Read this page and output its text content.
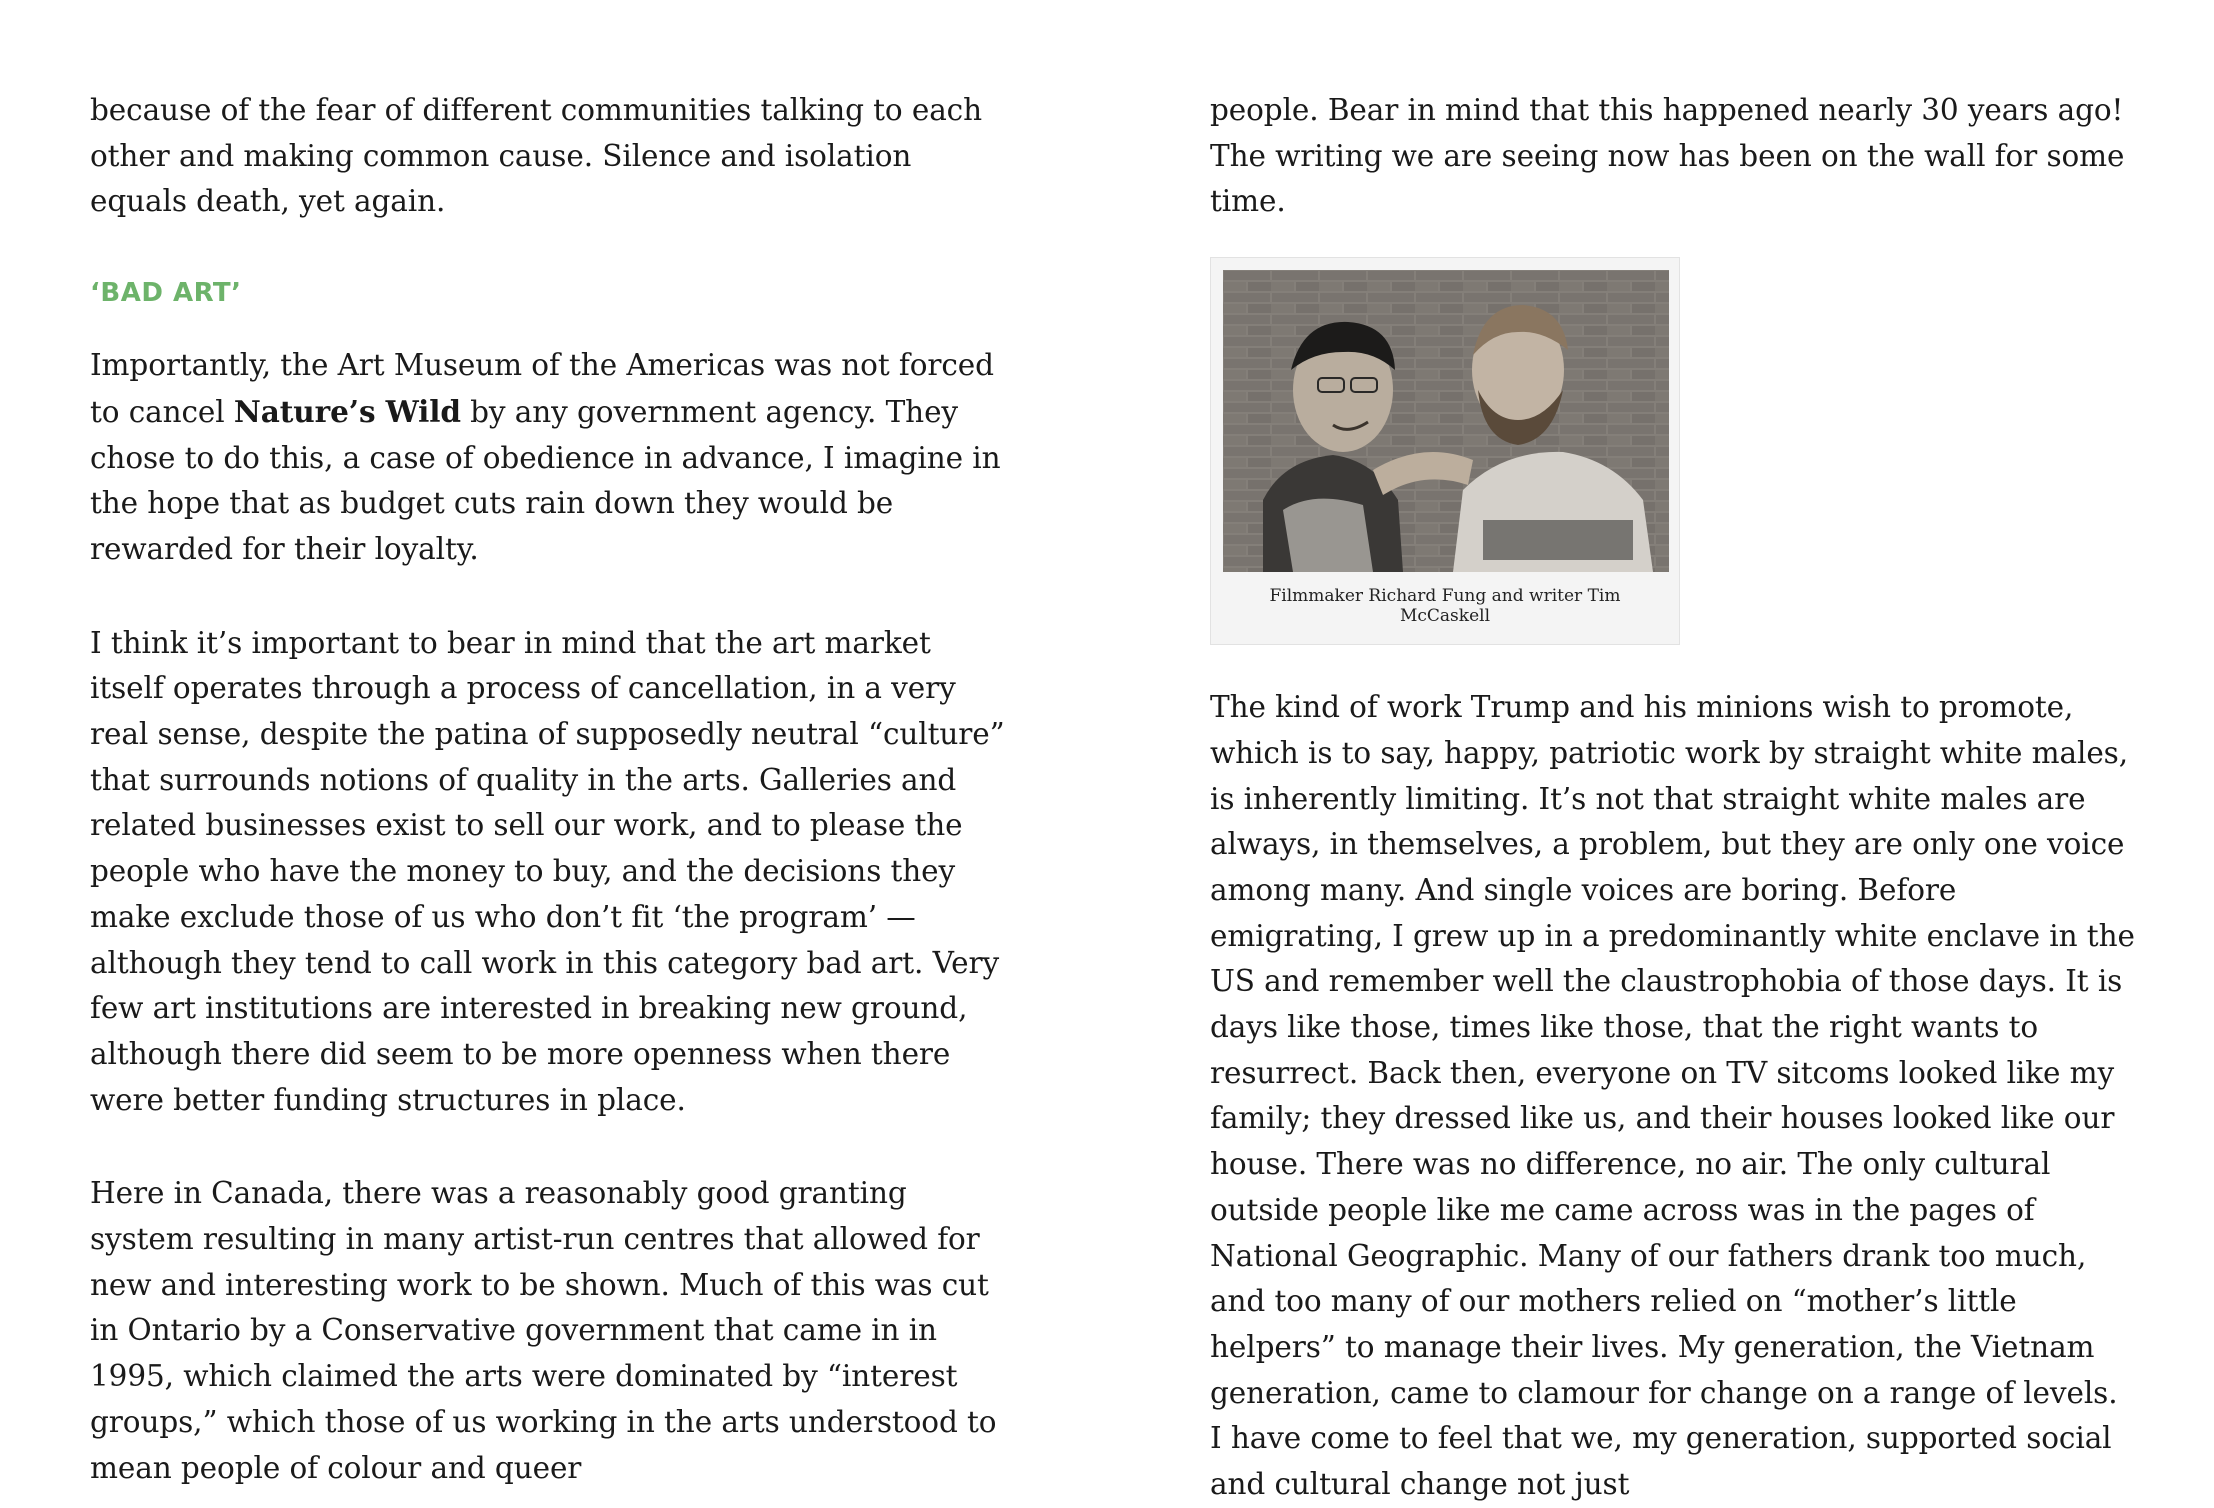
because of the fear of different communities talking to each other and making common cause. Silence and isolation equals death, yet again.

‘BAD ART’

Importantly, the Art Museum of the Americas was not forced to cancel Nature’s Wild by any government agency. They chose to do this, a case of obedience in advance, I imagine in the hope that as budget cuts rain down they would be rewarded for their loyalty.

I think it’s important to bear in mind that the art market itself operates through a process of cancellation, in a very real sense, despite the patina of supposedly neutral “culture” that surrounds notions of quality in the arts. Galleries and related businesses exist to sell our work, and to please the people who have the money to buy, and the decisions they make exclude those of us who don’t fit ‘the program’ — although they tend to call work in this category bad art. Very few art institutions are interested in breaking new ground, although there did seem to be more openness when there were better funding structures in place.

Here in Canada, there was a reasonably good granting system resulting in many artist-run centres that allowed for new and interesting work to be shown. Much of this was cut in Ontario by a Conservative government that came in in 1995, which claimed the arts were dominated by “interest groups,” which those of us working in the arts understood to mean people of colour and queer

people. Bear in mind that this happened nearly 30 years ago! The writing we are seeing now has been on the wall for some time.

Filmmaker Richard Fung and writer Tim McCaskell

The kind of work Trump and his minions wish to promote, which is to say, happy, patriotic work by straight white males, is inherently limiting. It’s not that straight white males are always, in themselves, a problem, but they are only one voice among many. And single voices are boring. Before emigrating, I grew up in a predominantly white enclave in the US and remember well the claustrophobia of those days. It is days like those, times like those, that the right wants to resurrect. Back then, everyone on TV sitcoms looked like my family; they dressed like us, and their houses looked like our house. There was no difference, no air. The only cultural outside people like me came across was in the pages of National Geographic. Many of our fathers drank too much, and too many of our mothers relied on “mother’s little helpers” to manage their lives. My generation, the Vietnam generation, came to clamour for change on a range of levels. I have come to feel that we, my generation, supported social and cultural change not just
